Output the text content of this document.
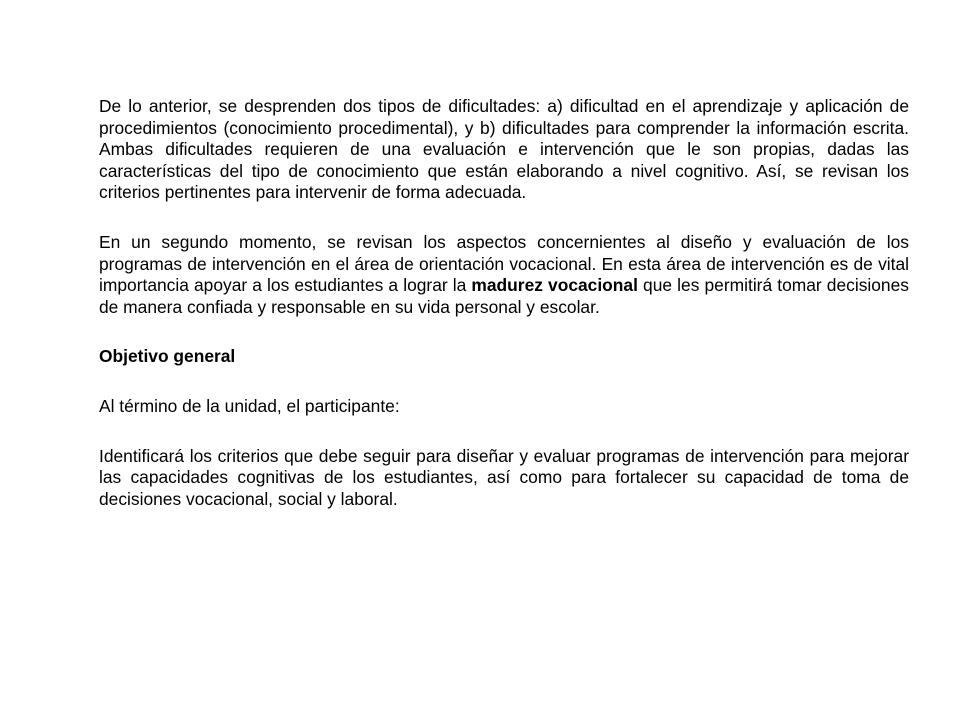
De lo anterior, se desprenden dos tipos de dificultades: a) dificultad en el aprendizaje y aplicación de procedimientos (conocimiento procedimental), y b) dificultades para comprender la información escrita. Ambas dificultades requieren de una evaluación e intervención que le son propias, dadas las características del tipo de conocimiento que están elaborando a nivel cognitivo. Así, se revisan los criterios pertinentes para intervenir de forma adecuada.

En un segundo momento, se revisan los aspectos concernientes al diseño y evaluación de los programas de intervención en el área de orientación vocacional. En esta área de intervención es de vital importancia apoyar a los estudiantes a lograr la madurez vocacional que les permitirá tomar decisiones de manera confiada y responsable en su vida personal y escolar.

Objetivo general

Al término de la unidad, el participante:

Identificará los criterios que debe seguir para diseñar y evaluar programas de intervención para mejorar las capacidades cognitivas de los estudiantes, así como para fortalecer su capacidad de toma de decisiones vocacional, social y laboral.
